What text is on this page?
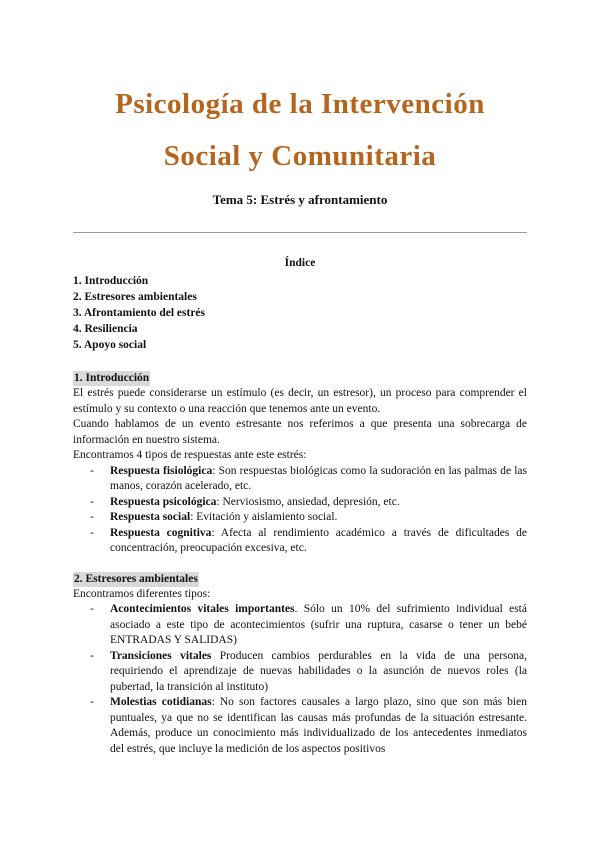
Psicología de la Intervención
Social y Comunitaria
Tema 5: Estrés y afrontamiento
Índice
1. Introducción
2. Estresores ambientales
3. Afrontamiento del estrés
4. Resiliencia
5. Apoyo social
1. Introducción

El estrés puede considerarse un estímulo (es decir, un estresor), un proceso para comprender el estímulo y su contexto o una reacción que tenemos ante un evento.

Cuando hablamos de un evento estresante nos referimos a que presenta una sobrecarga de información en nuestro sistema.

Encontramos 4 tipos de respuestas ante este estrés:

- Respuesta fisiológica: Son respuestas biológicas como la sudoración en las palmas de las manos, corazón acelerado, etc.
- Respuesta psicológica: Nerviosismo, ansiedad, depresión, etc.
- Respuesta social: Evitación y aislamiento social.
- Respuesta cognitiva: Afecta al rendimiento académico a través de dificultades de concentración, preocupación excesiva, etc.
2. Estresores ambientales

Encontramos diferentes tipos:

- Acontecimientos vitales importantes. Sólo un 10% del sufrimiento individual está asociado a este tipo de acontecimientos (sufrir una ruptura, casarse o tener un bebé ENTRADAS Y SALIDAS)
- Transiciones vitales Producen cambios perdurables en la vida de una persona, requiriendo el aprendizaje de nuevas habilidades o la asunción de nuevos roles (la pubertad, la transición al instituto)
- Molestias cotidianas: No son factores causales a largo plazo, sino que son más bien puntuales, ya que no se identifican las causas más profundas de la situación estresante. Además, produce un conocimiento más individualizado de los antecedentes inmediatos del estrés, que incluye la medición de los aspectos positivos
